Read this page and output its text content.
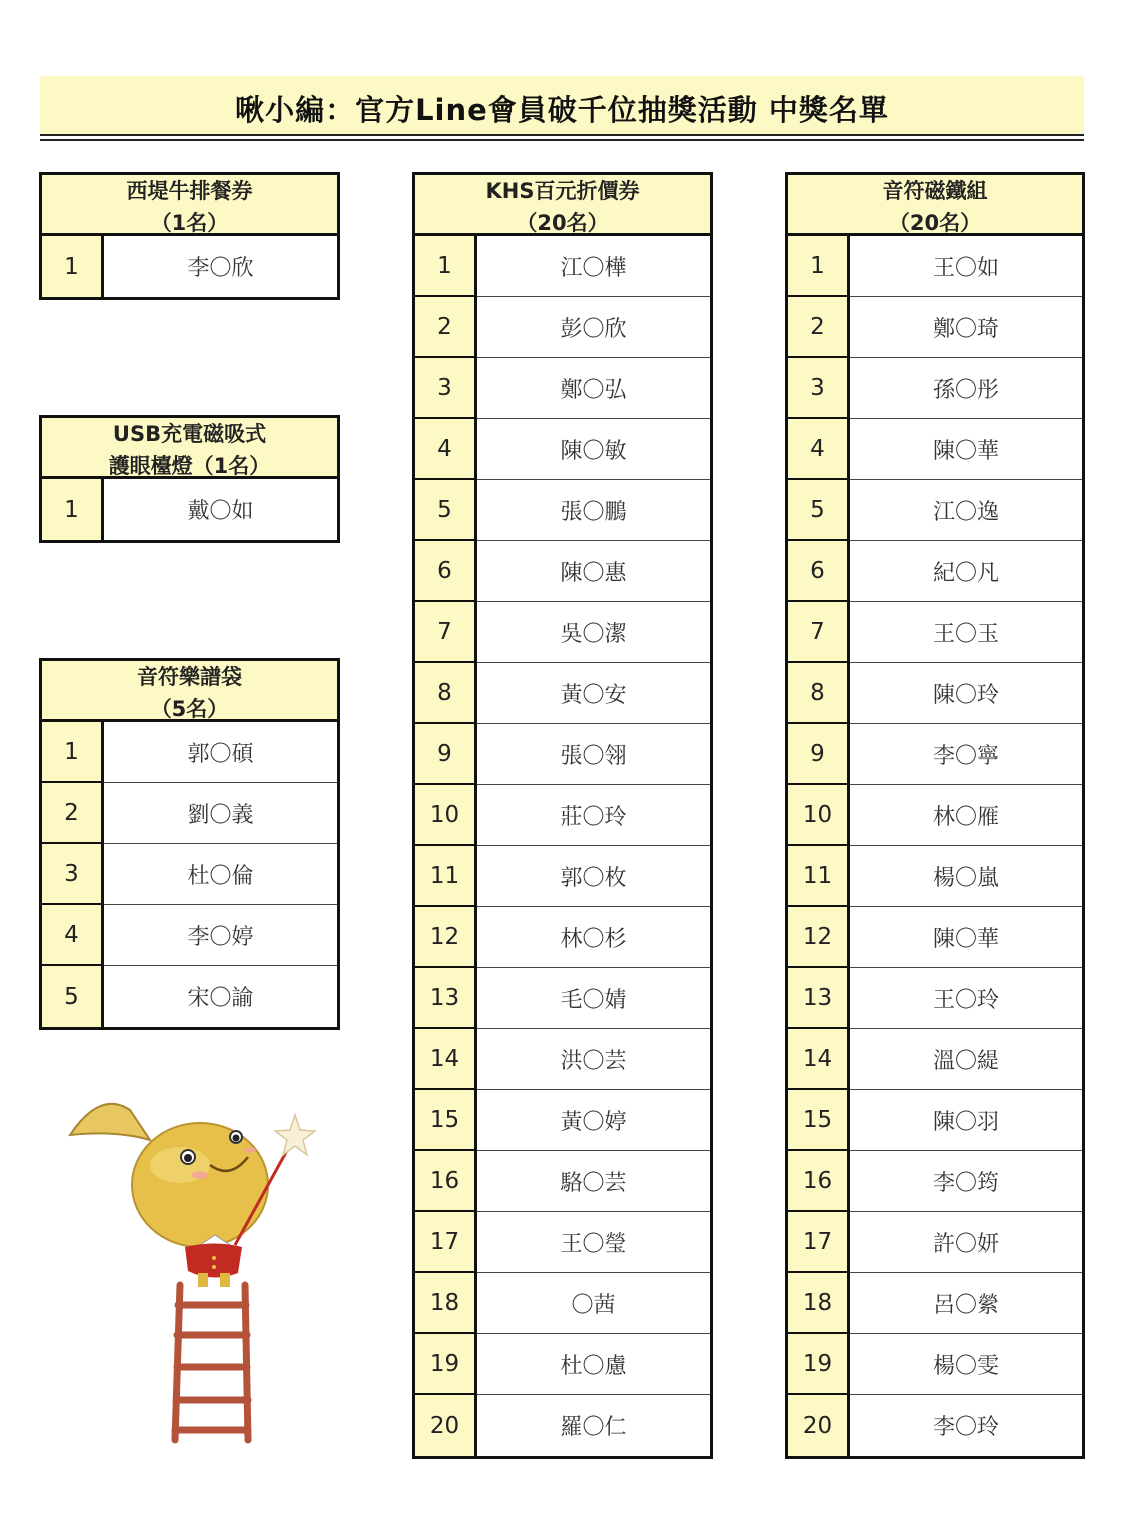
啾小編：官方Line會員破千位抽獎活動 中獎名單
西堤牛排餐券
（1名）
1	李〇欣
USB充電磁吸式
護眼檯燈（1名）
1	戴〇如
音符樂譜袋
（5名）
1	郭〇碩
2	劉〇義
3	杜〇倫
4	李〇婷
5	宋〇諭
KHS百元折價券
（20名）
1	江〇樺
2	彭〇欣
3	鄭〇弘
4	陳〇敏
5	張〇鵬
6	陳〇惠
7	吳〇潔
8	黃〇安
9	張〇翎
10	莊〇玲
11	郭〇枚
12	林〇杉
13	毛〇婧
14	洪〇芸
15	黃〇婷
16	駱〇芸
17	王〇瑩
18	〇茜
19	杜〇慮
20	羅〇仁
音符磁鐵組
（20名）
1	王〇如
2	鄭〇琦
3	孫〇彤
4	陳〇華
5	江〇逸
6	紀〇凡
7	王〇玉
8	陳〇玲
9	李〇寧
10	林〇雁
11	楊〇嵐
12	陳〇華
13	王〇玲
14	溫〇緹
15	陳〇羽
16	李〇筠
17	許〇妍
18	呂〇縈
19	楊〇雯
20	李〇玲
